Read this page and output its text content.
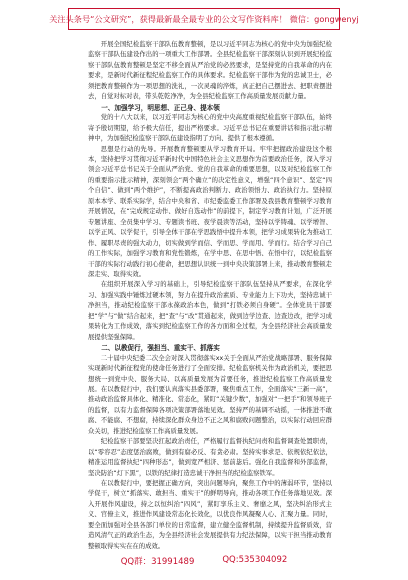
关注头条号“公文研究”，获得最新最全最专业的公文写作资料库！ 微信：gongwenyj

开展全国纪检监察干部队伍教育整顿，是以习近平同志为核心的党中央为加强纪检监察干部队伍建设作出的一项重大工作部署。全县纪检监察干部深刻认识到开展纪检监察干部队伍教育整顿是坚定不移全面从严治党的必然要求，是坚持党的自我革命的内在要求，是新时代新征程纪检监察工作的具体要求。纪检监察干部作为党的忠诚卫士，必须把教育整顿作为一项思想的洗礼，一次灵魂的淬炼，真正把自己摆进去、把职责摆进去，自觉对标对表，带头乾乾净净，为全县纪检监察工作高质量发展贡献力量。

一、加强学习，明思想、正己身、提本领

党的十八大以来，以习近平同志为核心的党中央高度重视纪检监察干部队伍，始终寄予殷切期望，给予极大信任，提出严格要求。习近平总书记在重要讲话和指示批示精神中，为加强纪检监察干部队伍建设指明了方向、提供了根本遵循。

思想是行动的先导。开展教育整顿要从学习教育开局。牢牢把握政治建设这个根本，坚持把学习贯彻习近平新时代中国特色社会主义思想作为首要政治任务，深入学习领会习近平总书记关于全面从严治党、党的自我革命的重要思想，以及对纪检监察工作的重要指示批示精神，深刻领会“两个确立”的决定性意义，增强“四个意识”、坚定“四个自信”、做到“两个维护”，不断提高政治判断力、政治领悟力、政治执行力。坚持原原本本学、联系实际学，结合中央和省、市纪委监委工作部署及我县教育整顿学习教育开展情况，在“完成规定动作、做好自选动作”的前提下，制定学习教育计划，广泛开展专题讲座、全员集中学习、专题读书班、夜学晨读等活动，坚持以学铸魂、以学增智、以学正风、以学促干，引导全体干部在学思践悟中提升本领，把学习成果转化为推动工作、履职尽责的强大动力，切实做到学而信、学而思、学而用、学而行。结合学习自己的工作实际，加强学习教育和党性锻炼，在学中思、在思中悟、在悟中行，以纪检监察干部的实际行动践行初心使命，把思想认识统一到中央决策部署上来，推动教育整顿走深走实、取得实效。

在组织开展深入学习的基础上，引导纪检监察干部队伍坚持从严要求，在深化学习、加强实践中锤炼过硬本领，努力在提升政治素质、专业能力上下功夫，坚持忠诚干净担当，推动纪检监察干部永葆政治本色，做到“打铁必须自身硬”。全体党员干部要把“学”与“做”结合起来，把“查”与“改”贯通起来，做到边学边查、边查边改，把学习成果转化为工作成效，落实到纪检监察工作的各方面和全过程，为全县经济社会高质量发展提供坚强保障。

二、以教促行，强担当、重实干、抓落实

二十届中央纪委二次全会对深入贯彻落实xx关于全面从严治党战略部署、服务保障实现新时代新征程党的使命任务进行了全面安排。纪检监察机关作为政治机关，要把思想统一到党中央、服务大局、以高质量发展为首要任务，推进纪检监察工作高质量发展。在以教促行中，我们要认真落实县委部署，聚焦重点工作，全面落实“三新一高”，推动政治监督具体化、精准化、常态化，紧盯“关键少数”，加强对“一把手”和领导班子的监督，以有力监督保障各项决策部署落地见效。坚持严的基调不动摇，一体推进不敢腐、不能腐、不想腐，持续深化群众身边不正之风和腐败问题整治，以实际行动回应群众关切，推进纪检监察工作高质量发展。

纪检监察干部要坚决扛起政治责任，严格履行监督执纪问责和监督调查处置职责，以“零容忍”态度惩治腐败，做到有腐必反、有贪必肃。坚持实事求是、依规依纪依法，精准运用监督执纪“四种形态”，做到宽严相济、惩前毖后。强化自我监督和外部监督，坚决防治“灯下黑”，以铁的纪律打造忠诚干净担当的纪检监察铁军。

在以教促行中，要把握正确方向，突出问题导向，聚焦工作中的薄弱环节，坚持以学促干，树立“抓落实、敢担当、重实干”的鲜明导向，推动各项工作任务落地见效。深入开展作风建设，持之以恒纠治“四风”，紧盯享乐主义、奢靡之风，坚决纠治形式主义、官僚主义，推进作风建设常态化长效化，以优良作风凝聚人心、汇聚力量。同时，要全面加强对全县各部门单位的日常监督，建立健全监督机制，持续提升监督质效，营造风清气正的政治生态，为全县经济社会发展提供有力纪法保障，以实干担当推动教育整顿取得实实在在的成效。

QQ群：31991489	QQ:535304092
